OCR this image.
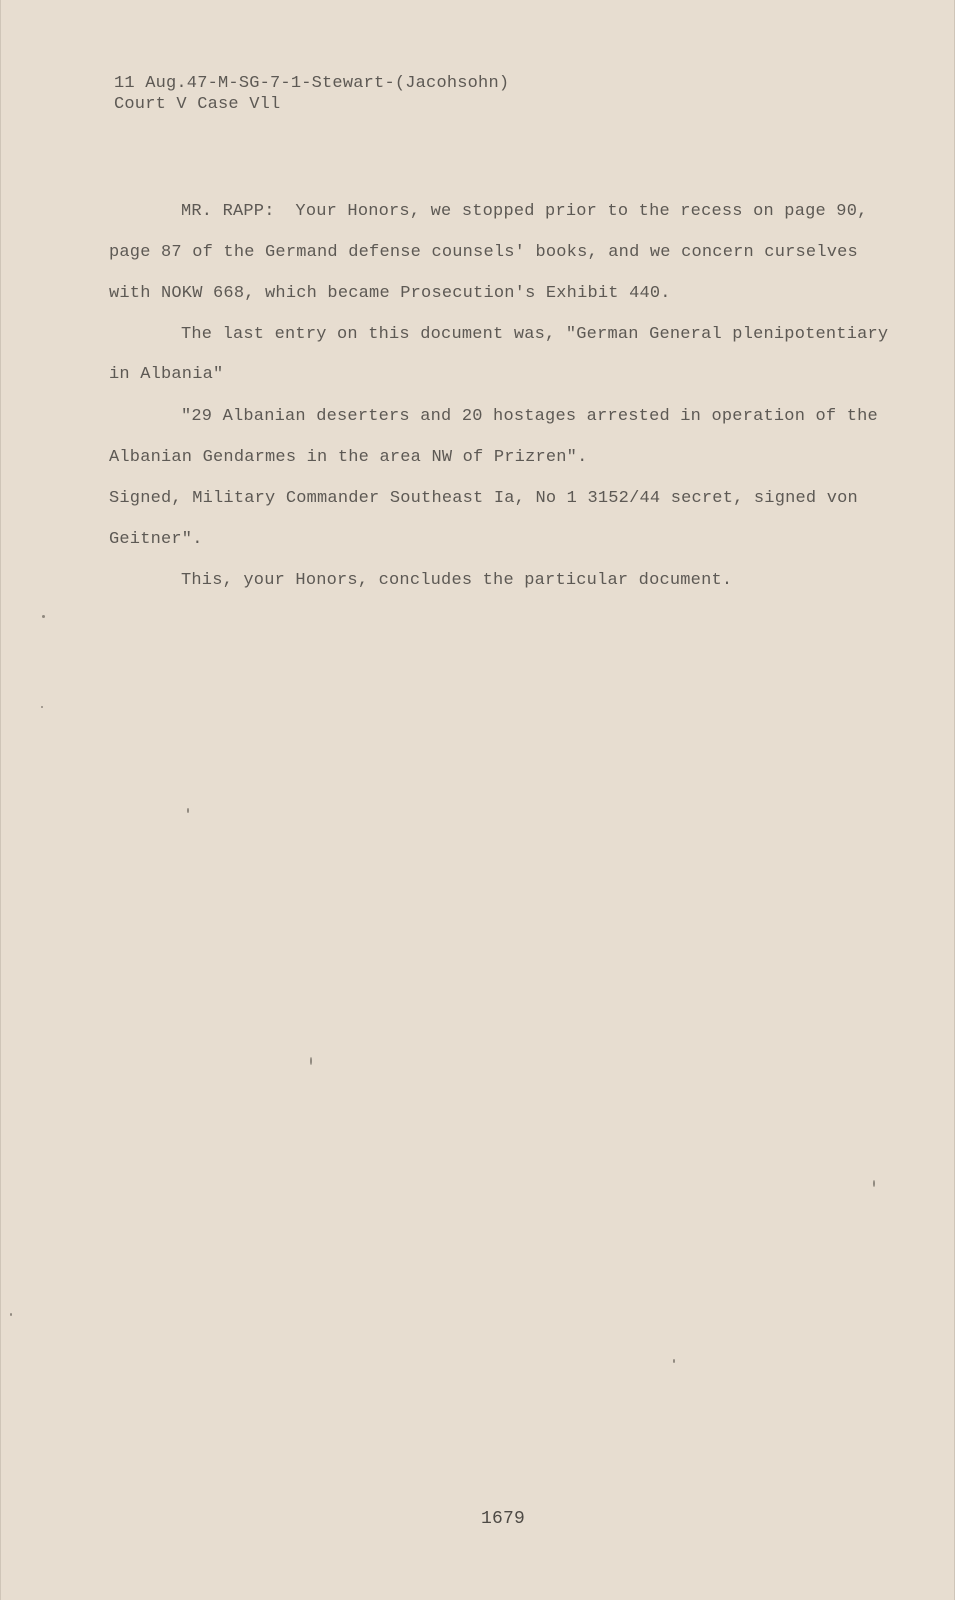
11 Aug.47-M-SG-7-1-Stewart-(Jacohsohn)
Court V Case Vll
MR. RAPP:  Your Honors, we stopped prior to the recess on page 90,
page 87 of the Germand defense counsels' books, and we concern curselves
with NOKW 668, which became Prosecution's Exhibit 440.
The last entry on this document was, "German General plenipotentiary
in Albania"
"29 Albanian deserters and 20 hostages arrested in operation of the
Albanian Gendarmes in the area NW of Prizren".
Signed, Military Commander Southeast Ia, No 1 3152/44 secret, signed von
Geitner".
This, your Honors, concludes the particular document.
1679
